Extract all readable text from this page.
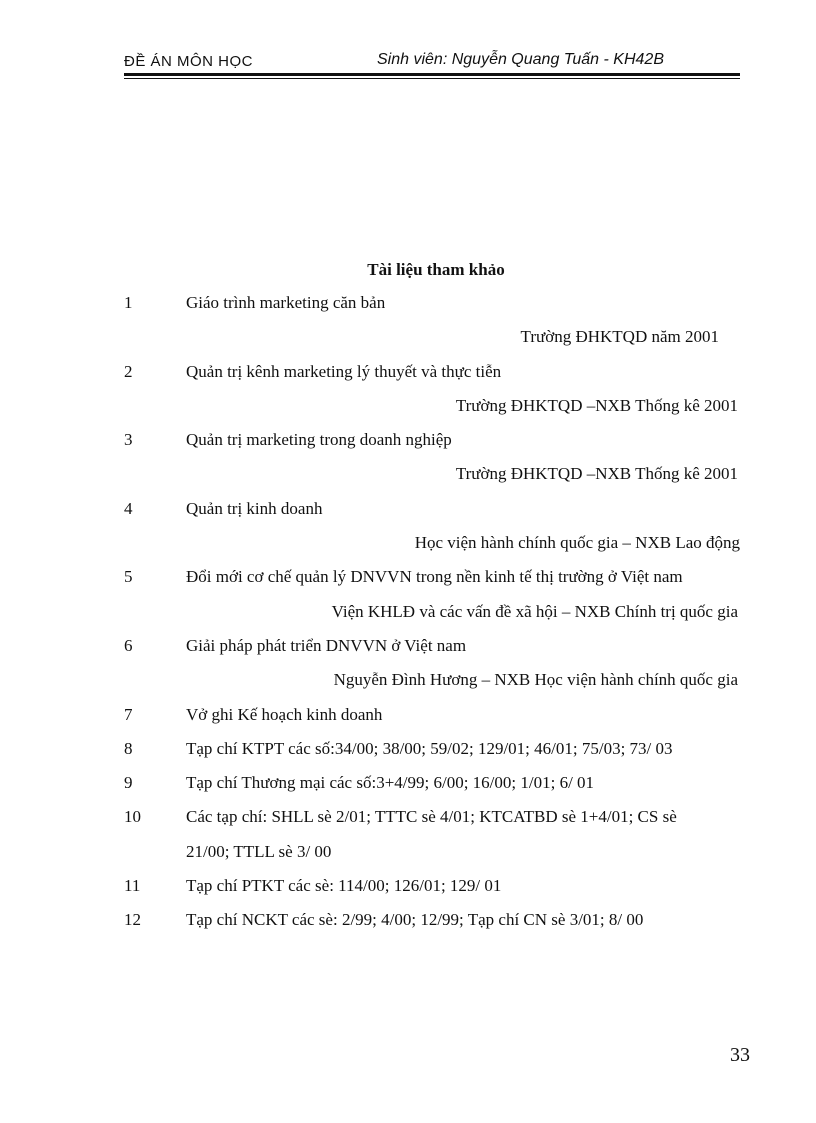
ĐỀ ÁN MÔN HỌC	Sinh viên: Nguyễn Quang Tuấn - KH42B
Tài liệu tham khảo
1	Giáo trình marketing căn bản
Trường ĐHKTQD năm 2001
2	Quản trị kênh marketing lý thuyết và thực tiễn
Trường ĐHKTQD –NXB Thống kê 2001
3	Quản trị marketing trong doanh nghiệp
Trường ĐHKTQD –NXB Thống kê 2001
4	Quản trị kinh doanh
Học viện hành chính quốc gia – NXB Lao động
5	Đổi mới cơ chế quản lý DNVVN trong nền kinh tế thị trường ở Việt nam
Viện KHLĐ và các vấn đề xã hội – NXB Chính trị quốc gia
6	Giải pháp phát triển DNVVN ở Việt nam
Nguyễn Đình Hương – NXB Học viện hành chính quốc gia
7	Vở ghi Kế hoạch kinh doanh
8	Tạp chí KTPT các số:34/00; 38/00; 59/02; 129/01; 46/01; 75/03; 73/ 03
9	Tạp chí Thương mại các số:3+4/99; 6/00; 16/00; 1/01; 6/ 01
10	Các tạp chí: SHLL sè 2/01; TTTC sè 4/01; KTCATBD sè 1+4/01; CS sè
21/00; TTLL sè 3/ 00
11	Tạp chí PTKT các sè: 114/00; 126/01; 129/ 01
12	Tạp chí NCKT các sè: 2/99; 4/00; 12/99; Tạp chí CN sè 3/01; 8/ 00
33
